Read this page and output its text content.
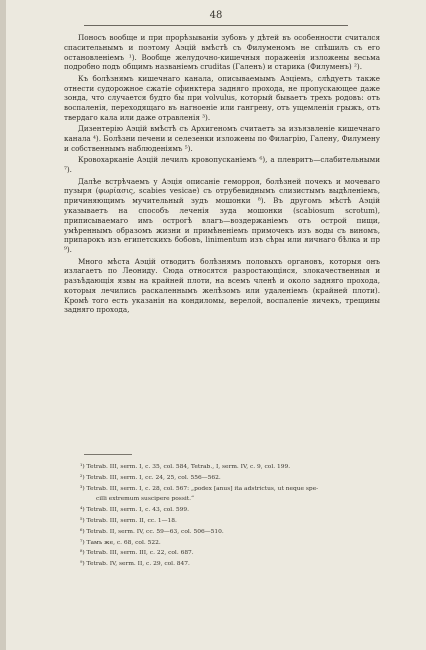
48

Поносъ вообще и при прорѣзываніи зубовъ у дѣтей въ особенности считался спасительнымъ и поэтому Аэцій вмѣстѣ съ Филуменомъ не спѣшилъ съ его остановленіемъ ¹). Вообще желудочно-кишечныя пораженія изложены весьма подробно подъ общимъ названіемъ cruditas (Галенъ) и старика (Филуменъ) ²).

Къ болѣзнямъ кишечнаго канала, описываемымъ Аэціемъ, слѣдуетъ также отнести судорожное сжатіе сфинктера задняго прохода, не пропускающее даже зонда, что случается будто бы при volvulus, который бываетъ трехъ родовъ: отъ воспаленія, переходящаго въ нагноеніе или гангрену, отъ ущемленія грыжъ, отъ твердаго кала или даже отравленія ³).

Дизентерію Аэцій вмѣстѣ съ Архигеномъ считаетъ за изъязвленіе кишечнаго канала ⁴). Болѣзни печени и селезенки изложены по Филагрію, Галену, Филумену и собственнымъ наблюденіямъ ⁵).

Кровохарканіе Аэцій лечилъ кровопусканіемъ ⁶), а плевритъ—слабительными ⁷).

Далѣе встрѣчаемъ у Аэція описаніе геморроя, болѣзней почекъ и мочеваго пузыря (φωρίασις, scabies vesicae) съ отрубевиднымъ слизистымъ выдѣленіемъ, причиняющимъ мучительный зудъ мошонки ⁸). Въ другомъ мѣстѣ Аэцій указываетъ на способъ леченія зуда мошонки (scabiosum scrotum), приписываемаго имъ острогѣ влагъ—воздержаніемъ отъ острой пищи, умѣреннымъ образомъ жизни и примѣненіемъ примочекъ изъ воды съ виномъ, припарокъ изъ египетскихъ бобовъ, linimentum изъ сѣры или яичнаго бѣлка и пр ⁹).

Много мѣста Аэцій отводитъ болѣзнямъ половыхъ органовъ, которыя онъ излагаетъ по Леониду. Сюда относятся разростающіяся, злокачественныя и разъѣдающія язвы на крайней плоти, на всемъ членѣ и около задняго прохода, которыя лечились раскаленнымъ желѣзомъ или удаленіемъ (крайней плоти). Кромѣ того есть указанія на кондиломы, верелой, воспаленіе яичекъ, трещины задняго прохода,

¹) Tetrab. III, serm. I, c. 35, col. 584, Tetrab., I, serm. IV, c. 9, col. 199.

²) Tetrab. III, serm. I, cc. 24, 25, col. 556—562.

³) Tetrab. III, serm. I, c. 28, col. 567: „podex [anus] ita adstrictus, ut neque spe-

cilli extremum suscipere possit.“

⁴) Tetrab. III, serm. I, c. 43, col. 599.

⁵) Tetrab. III, serm. II, cc. 1—18.

⁶) Tetrab. II, serm. IV, cc. 59—63, col. 506—510.

⁷) Тамъ же, c. 68, col. 522.

⁸) Tetrab. III, serm. III, c. 22, col. 687.

⁹) Tetrab. IV, serm. II, c. 29, col. 847.
